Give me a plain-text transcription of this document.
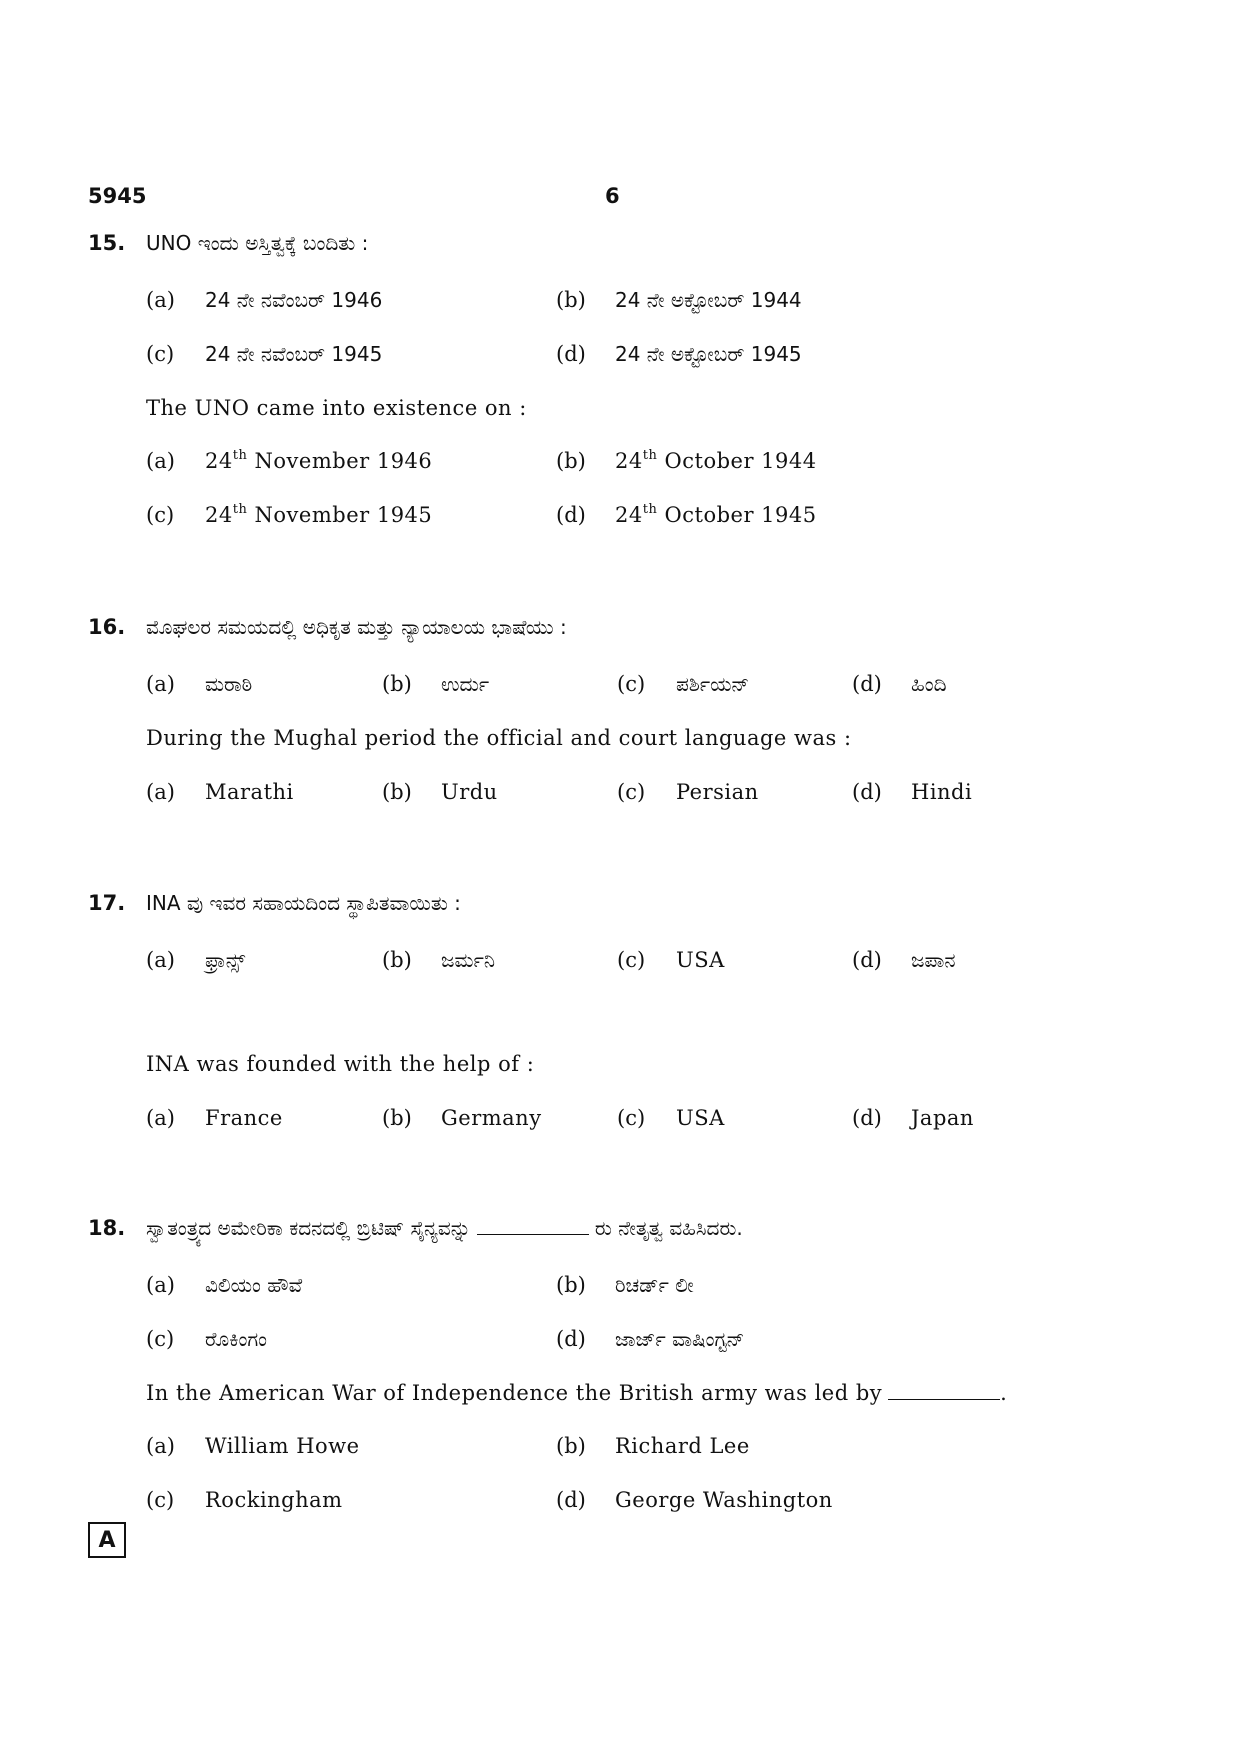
5945	6
15. UNO ಇಂದು ಅಸ್ತಿತ್ವಕ್ಕೆ ಬಂದಿತು :
(a) 24 ನೇ ನವೆಂಬರ್ 1946	(b) 24 ನೇ ಅಕ್ಟೋಬರ್ 1944
(c) 24 ನೇ ನವೆಂಬರ್ 1945	(d) 24 ನೇ ಅಕ್ಟೋಬರ್ 1945
The UNO came into existence on :
(a) 24th November 1946	(b) 24th October 1944
(c) 24th November 1945	(d) 24th October 1945
16. ಮೊಘಲರ ಸಮಯದಲ್ಲಿ ಅಧಿಕೃತ ಮತ್ತು ನ್ಯಾಯಾಲಯ ಭಾಷೆಯು :
(a) ಮರಾಠಿ	(b) ಉರ್ದು	(c) ಪರ್ಶಿಯನ್	(d) ಹಿಂದಿ
During the Mughal period the official and court language was :
(a) Marathi	(b) Urdu	(c) Persian	(d) Hindi
17. INA ವು ಇವರ ಸಹಾಯದಿಂದ ಸ್ಥಾಪಿತವಾಯಿತು :
(a) ಫ್ರಾನ್ಸ್	(b) ಜರ್ಮನಿ	(c) USA	(d) ಜಪಾನ
INA was founded with the help of :
(a) France	(b) Germany	(c) USA	(d) Japan
18. ಸ್ವಾತಂತ್ರ್ಯದ ಅಮೇರಿಕಾ ಕದನದಲ್ಲಿ ಬ್ರಿಟಿಷ್ ಸೈನ್ಯವನ್ನು	ರು ನೇತೃತ್ವ ವಹಿಸಿದರು.
(a) ವಿಲಿಯಂ ಹೌವೆ	(b) ರಿಚರ್ಡ್ ಲೀ
(c) ರೊಕಿಂಗಂ	(d) ಜಾರ್ಜ್ ವಾಷಿಂಗ್ಟನ್
In the American War of Independence the British army was led by	.
(a) William Howe	(b) Richard Lee
(c) Rockingham	(d) George Washington
A
